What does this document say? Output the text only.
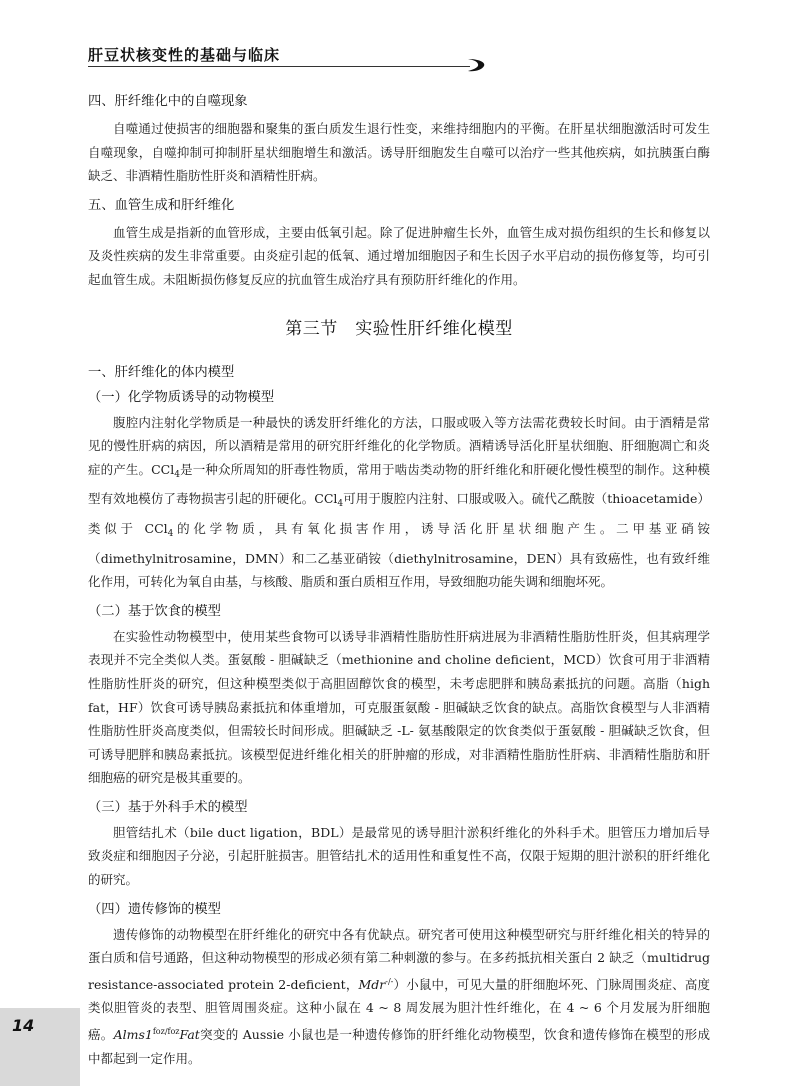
肝豆状核变性的基础与临床
四、肝纤维化中的自噬现象

自噬通过使损害的细胞器和聚集的蛋白质发生退行性变，来维持细胞内的平衡。在肝星状细胞激活时可发生自噬现象，自噬抑制可抑制肝星状细胞增生和激活。诱导肝细胞发生自噬可以治疗一些其他疾病，如抗胰蛋白酶缺乏、非酒精性脂肪性肝炎和酒精性肝病。

五、血管生成和肝纤维化

血管生成是指新的血管形成，主要由低氧引起。除了促进肿瘤生长外，血管生成对损伤组织的生长和修复以及炎性疾病的发生非常重要。由炎症引起的低氧、通过增加细胞因子和生长因子水平启动的损伤修复等，均可引起血管生成。未阻断损伤修复反应的抗血管生成治疗具有预防肝纤维化的作用。

第三节　实验性肝纤维化模型
一、肝纤维化的体内模型
（一）化学物质诱导的动物模型

腹腔内注射化学物质是一种最快的诱发肝纤维化的方法，口服或吸入等方法需花费较长时间。由于酒精是常见的慢性肝病的病因，所以酒精是常用的研究肝纤维化的化学物质。酒精诱导活化肝星状细胞、肝细胞凋亡和炎症的产生。CCl$_4$是一种众所周知的肝毒性物质，常用于啮齿类动物的肝纤维化和肝硬化慢性模型的制作。这种模型有效地模仿了毒物损害引起的肝硬化。CCl$_4$可用于腹腔内注射、口服或吸入。硫代乙酰胺（thioacetamide）类似于 CCl$_4$的化学物质，具有氧化损害作用，诱导活化肝星状细胞产生。二甲基亚硝铵（dimethylnitrosamine，DMN）和二乙基亚硝铵（diethylnitrosamine，DEN）具有致癌性，也有致纤维化作用，可转化为氧自由基，与核酸、脂质和蛋白质相互作用，导致细胞功能失调和细胞坏死。

（二）基于饮食的模型

在实验性动物模型中，使用某些食物可以诱导非酒精性脂肪性肝病进展为非酒精性脂肪性肝炎，但其病理学表现并不完全类似人类。蛋氨酸 - 胆碱缺乏（methionine and choline deficient，MCD）饮食可用于非酒精性脂肪性肝炎的研究，但这种模型类似于高胆固醇饮食的模型，未考虑肥胖和胰岛素抵抗的问题。高脂（high fat，HF）饮食可诱导胰岛素抵抗和体重增加，可克服蛋氨酸 - 胆碱缺乏饮食的缺点。高脂饮食模型与人非酒精性脂肪性肝炎高度类似，但需较长时间形成。胆碱缺乏 -L- 氨基酸限定的饮食类似于蛋氨酸 - 胆碱缺乏饮食，但可诱导肥胖和胰岛素抵抗。该模型促进纤维化相关的肝肿瘤的形成，对非酒精性脂肪性肝病、非酒精性脂肪和肝细胞癌的研究是极其重要的。

（三）基于外科手术的模型

胆管结扎术（bile duct ligation，BDL）是最常见的诱导胆汁淤积纤维化的外科手术。胆管压力增加后导致炎症和细胞因子分泌，引起肝脏损害。胆管结扎术的适用性和重复性不高，仅限于短期的胆汁淤积的肝纤维化的研究。

（四）遗传修饰的模型

遗传修饰的动物模型在肝纤维化的研究中各有优缺点。研究者可使用这种模型研究与肝纤维化相关的特异的蛋白质和信号通路，但这种动物模型的形成必须有第二种刺激的参与。在多药抵抗相关蛋白 2 缺乏（multidrug resistance-associated protein 2-deficient，Mdr-/-）小鼠中，可见大量的肝细胞坏死、门脉周围炎症、高度类似胆管炎的表型、胆管周围炎症。这种小鼠在 4 ~ 8 周发展为胆汁性纤维化，在 4 ~ 6 个月发展为肝细胞癌。$Alms1^{foz/foz}Fat$突变的 Aussie 小鼠也是一种遗传修饰的肝纤维化动物模型，饮食和遗传修饰在模型的形成中都起到一定作用。

14
